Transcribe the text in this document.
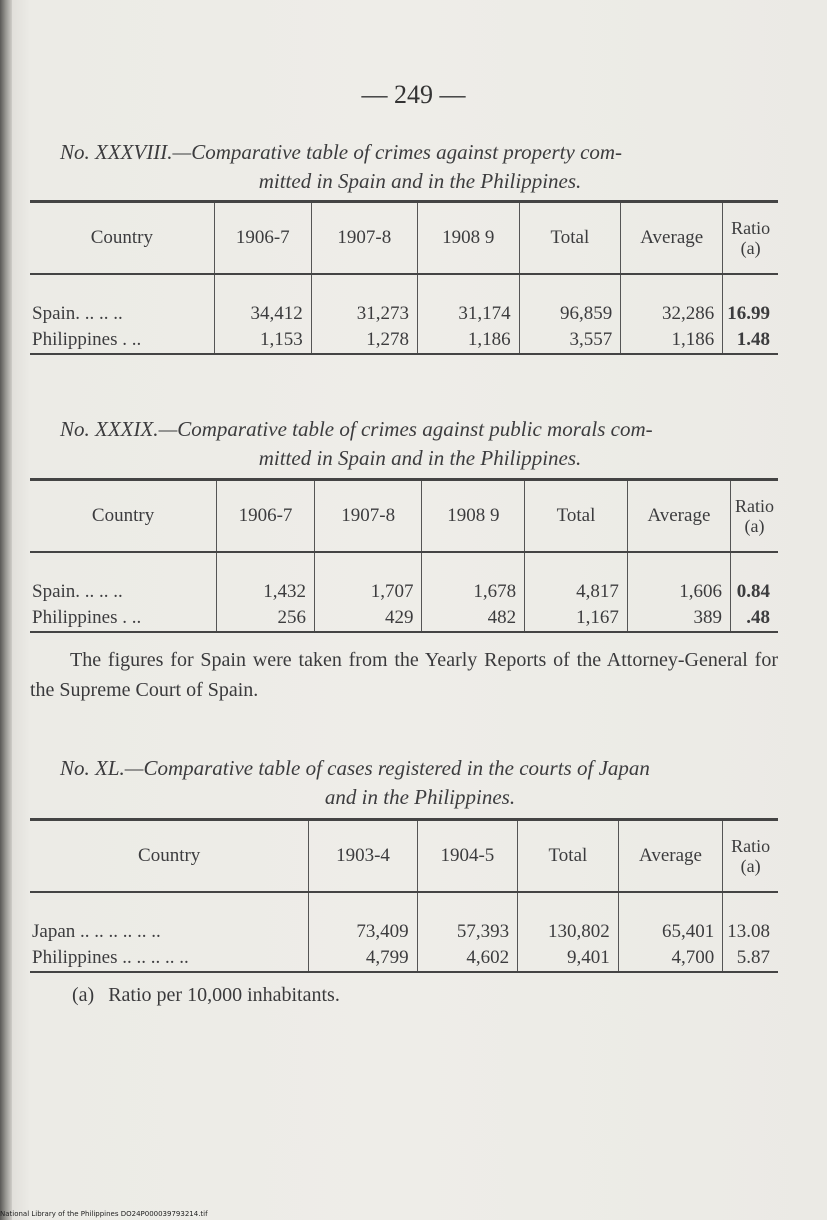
— 249 —
No. XXXVIII.—Comparative table of crimes against property com-
mitted in Spain and in the Philippines.
Country	1906-7	1907-8	1908 9	Total	Average	Ratio
(a)

Spain. .. .. ..	34,412	31,273	31,174	96,859	32,286	16.99
Philippines . ..	1,153	1,278	1,186	3,557	1,186	1.48
No. XXXIX.—Comparative table of crimes against public morals com-
mitted in Spain and in the Philippines.
Country	1906-7	1907-8	1908 9	Total	Average	Ratio
(a)

Spain. .. .. ..	1,432	1,707	1,678	4,817	1,606	0.84
Philippines . ..	256	429	482	1,167	389	.48
The figures for Spain were taken from the Yearly Reports of the Attorney-General for the Supreme Court of Spain.
No. XL.—Comparative table of cases registered in the courts of Japan
and in the Philippines.
Country	1903-4	1904-5	Total	Average	Ratio
(a)

Japan .. .. .. .. .. ..	73,409	57,393	130,802	65,401	13.08
Philippines .. .. .. .. ..	4,799	4,602	9,401	4,700	5.87
(a) Ratio per 10,000 inhabitants.
National Library of the Philippines DO24P000039793214.tif
